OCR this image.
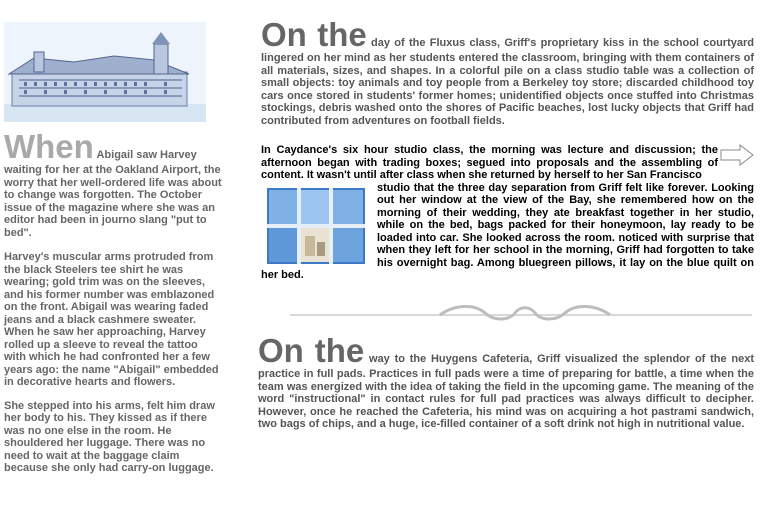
When Abigail saw Harvey waiting for her at the Oakland Airport, the worry that her well-ordered life was about to change was forgotten. The October issue of the magazine where she was an editor had been in journo slang "put to bed".

Harvey's muscular arms protruded from the black Steelers tee shirt he was wearing; gold trim was on the sleeves, and his former number was emblazoned on the front. Abigail was wearing faded jeans and a black cashmere sweater. When he saw her approaching, Harvey rolled up a sleeve to reveal the tattoo with which he had confronted her a few years ago: the name "Abigail" embedded in decorative hearts and flowers.

She stepped into his arms, felt him draw her body to his. They kissed as if there was no one else in the room. He shouldered her luggage. There was no need to wait at the baggage claim because she only had carry-on luggage.

On the day of the Fluxus class, Griff's proprietary kiss in the school courtyard lingered on her mind as her students entered the classroom, bringing with them containers of all materials, sizes, and shapes. In a colorful pile on a class studio table was a collection of small objects: toy animals and toy people from a Berkeley toy store; discarded childhood toy cars once stored in students' former homes; unidentified objects once stuffed into Christmas stockings, debris washed onto the shores of Pacific beaches, lost lucky objects that Griff had contributed from adventures on football fields.
In Caydance's six hour studio class, the morning was lecture and discussion; the afternoon began with trading boxes; segued into proposals and the assembling of content. It wasn't until after class when she returned by herself to her San Francisco
studio that the three day separation from Griff felt like forever. Looking out her window at the view of the Bay, she remembered how on the morning of their wedding, they ate breakfast together in her studio, while on the bed, bags packed for their honeymoon, lay ready to be loaded into car. She looked across the room. noticed with surprise that when they left for her school in the morning, Griff had forgotten to take his overnight bag. Among bluegreen pillows, it lay on the blue quilt on her bed.
On the way to the Huygens Cafeteria, Griff visualized the splendor of the next practice in full pads. Practices in full pads were a time of preparing for battle, a time when the team was energized with the idea of taking the field in the upcoming game. The meaning of the word "instructional" in contact rules for full pad practices was always difficult to decipher. However, once he reached the Cafeteria, his mind was on acquiring a hot pastrami sandwich, two bags of chips, and a huge, ice-filled container of a soft drink not high in nutritional value.
